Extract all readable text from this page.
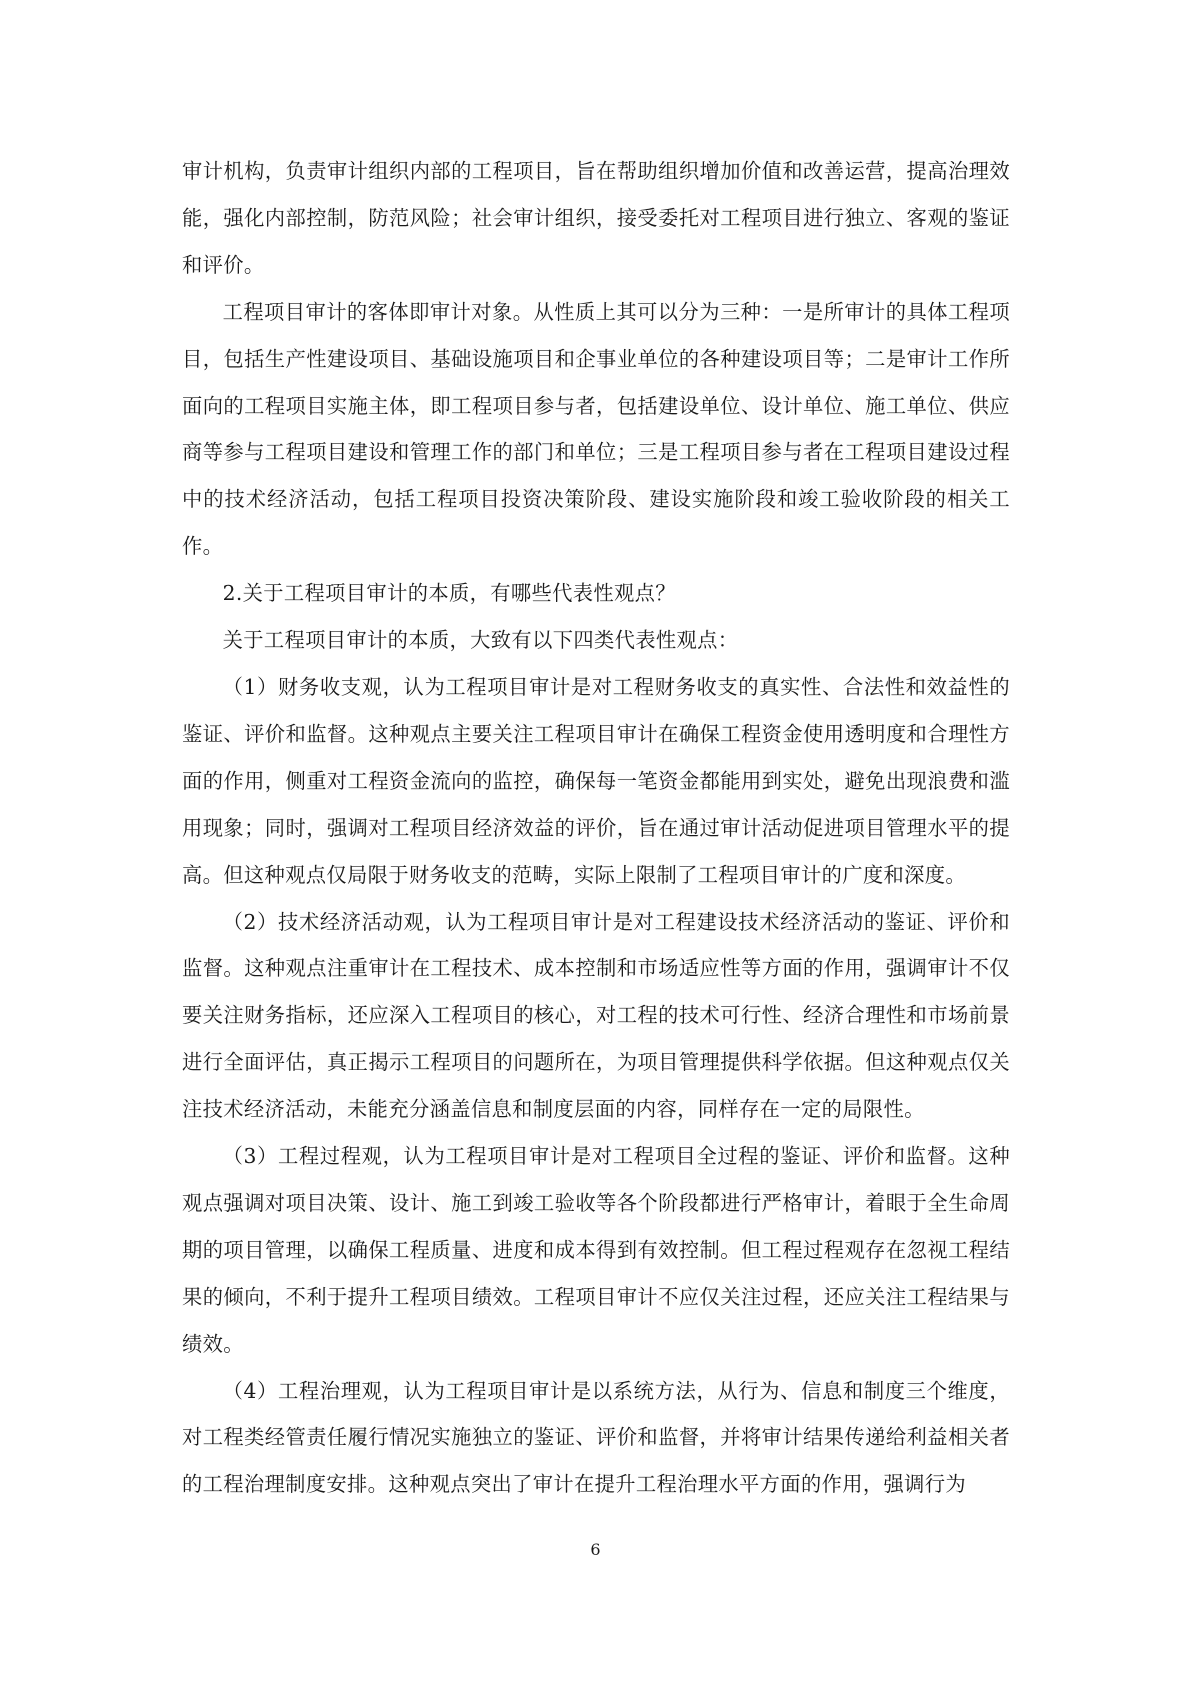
审计机构，负责审计组织内部的工程项目，旨在帮助组织增加价值和改善运营，提高治理效能，强化内部控制，防范风险；社会审计组织，接受委托对工程项目进行独立、客观的鉴证和评价。

工程项目审计的客体即审计对象。从性质上其可以分为三种：一是所审计的具体工程项目，包括生产性建设项目、基础设施项目和企事业单位的各种建设项目等；二是审计工作所面向的工程项目实施主体，即工程项目参与者，包括建设单位、设计单位、施工单位、供应商等参与工程项目建设和管理工作的部门和单位；三是工程项目参与者在工程项目建设过程中的技术经济活动，包括工程项目投资决策阶段、建设实施阶段和竣工验收阶段的相关工作。

2.关于工程项目审计的本质，有哪些代表性观点？

关于工程项目审计的本质，大致有以下四类代表性观点：

（1）财务收支观，认为工程项目审计是对工程财务收支的真实性、合法性和效益性的鉴证、评价和监督。这种观点主要关注工程项目审计在确保工程资金使用透明度和合理性方面的作用，侧重对工程资金流向的监控，确保每一笔资金都能用到实处，避免出现浪费和滥用现象；同时，强调对工程项目经济效益的评价，旨在通过审计活动促进项目管理水平的提高。但这种观点仅局限于财务收支的范畴，实际上限制了工程项目审计的广度和深度。

（2）技术经济活动观，认为工程项目审计是对工程建设技术经济活动的鉴证、评价和监督。这种观点注重审计在工程技术、成本控制和市场适应性等方面的作用，强调审计不仅要关注财务指标，还应深入工程项目的核心，对工程的技术可行性、经济合理性和市场前景进行全面评估，真正揭示工程项目的问题所在，为项目管理提供科学依据。但这种观点仅关注技术经济活动，未能充分涵盖信息和制度层面的内容，同样存在一定的局限性。

（3）工程过程观，认为工程项目审计是对工程项目全过程的鉴证、评价和监督。这种观点强调对项目决策、设计、施工到竣工验收等各个阶段都进行严格审计，着眼于全生命周期的项目管理，以确保工程质量、进度和成本得到有效控制。但工程过程观存在忽视工程结果的倾向，不利于提升工程项目绩效。工程项目审计不应仅关注过程，还应关注工程结果与绩效。

（4）工程治理观，认为工程项目审计是以系统方法，从行为、信息和制度三个维度，对工程类经管责任履行情况实施独立的鉴证、评价和监督，并将审计结果传递给利益相关者的工程治理制度安排。这种观点突出了审计在提升工程治理水平方面的作用，强调行为

6
